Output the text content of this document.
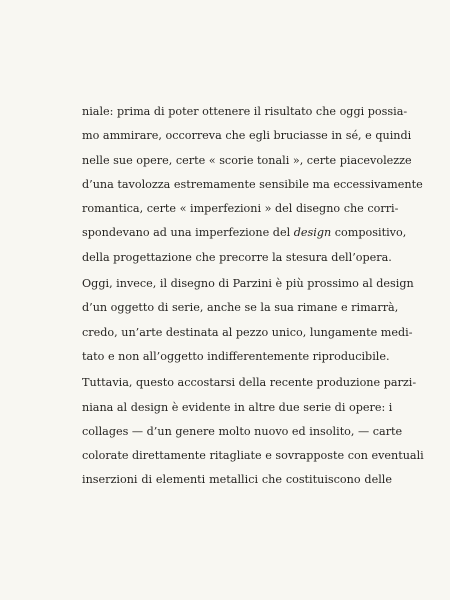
niale: prima di poter ottenere il risultato che oggi possia-
mo ammirare, occorreva che egli bruciasse in sé, e quindi
nelle sue opere, certe « scorie tonali », certe piacevolezze
d’una tavolozza estremamente sensibile ma eccessivamente
romantica, certe « imperfezioni » del disegno che corri-
spondevano ad una imperfezione del design compositivo,
della progettazione che precorre la stesura dell’opera.
Oggi, invece, il disegno di Parzini è più prossimo al design
d’un oggetto di serie, anche se la sua rimane e rimarrà,
credo, un’arte destinata al pezzo unico, lungamente medi-
tato e non all’oggetto indifferentemente riproducibile.
Tuttavia, questo accostarsi della recente produzione parzi-
niana al design è evidente in altre due serie di opere: i
collages — d’un genere molto nuovo ed insolito, — carte
colorate direttamente ritagliate e sovrapposte con eventuali
inserzioni di elementi metallici che costituiscono delle
